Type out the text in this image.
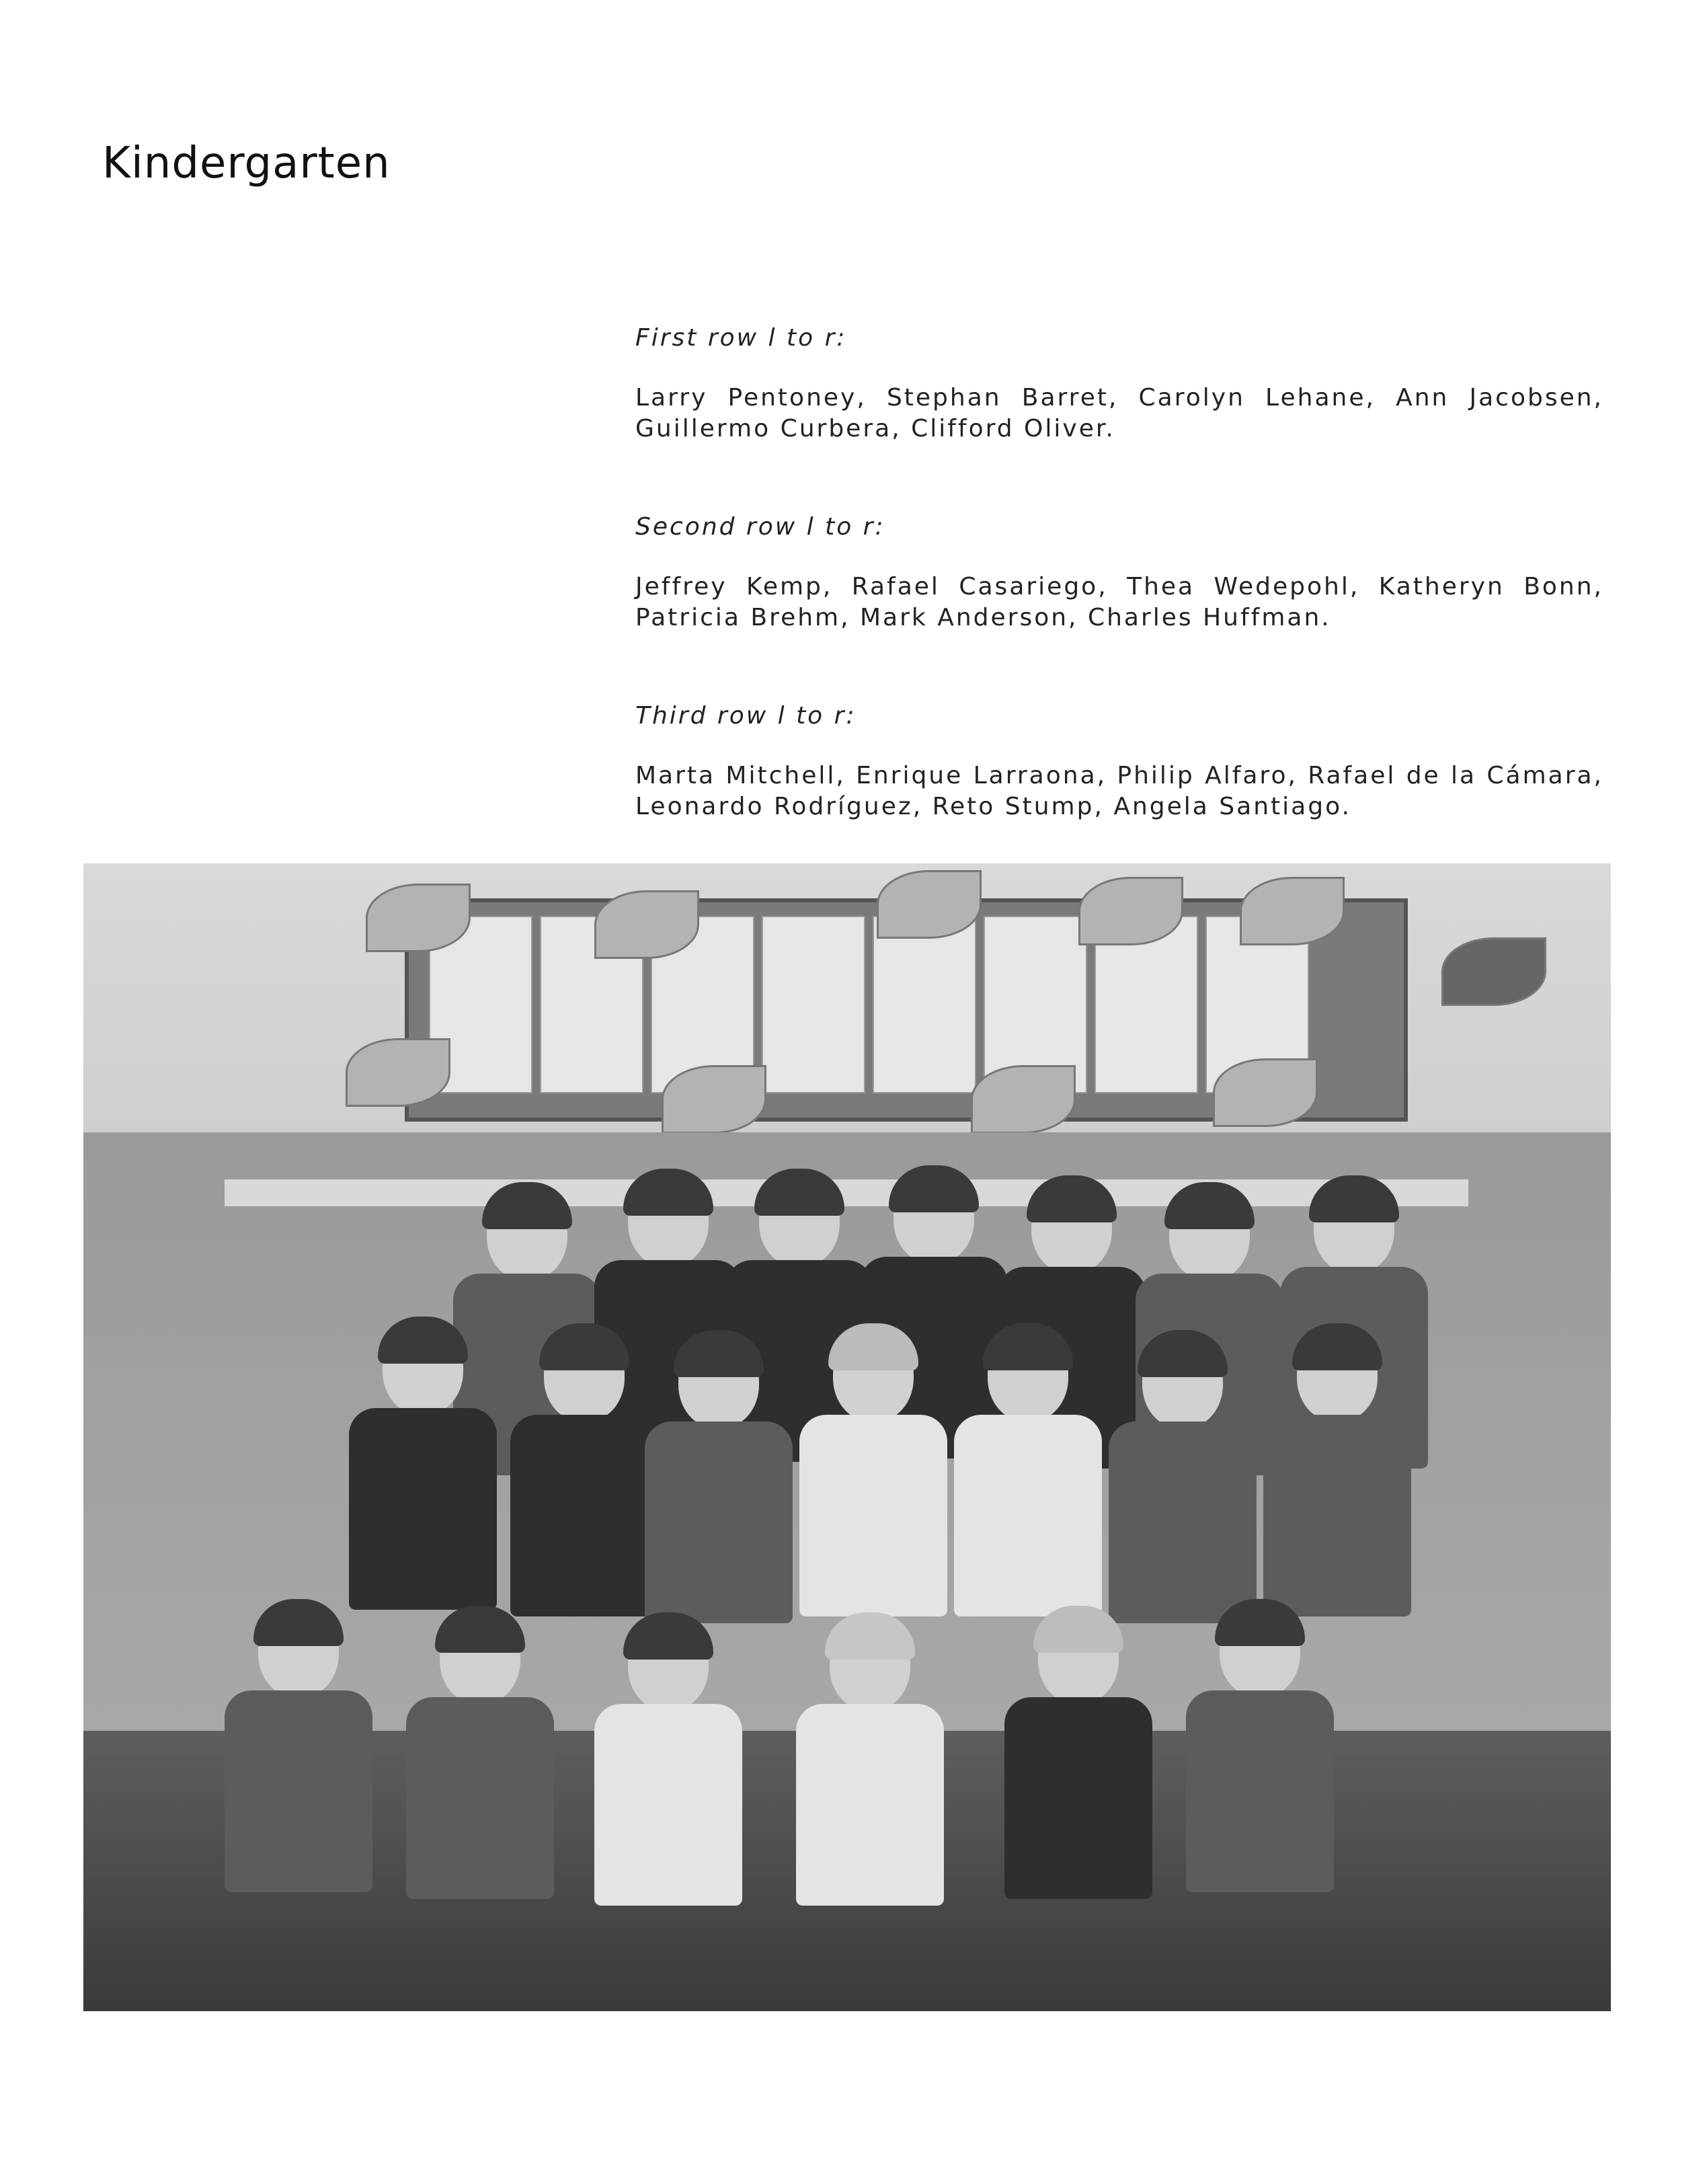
Kindergarten

First row l to r:

Larry Pentoney, Stephan Barret, Carolyn Lehane, Ann Jacobsen, Guillermo Curbera, Clifford Oliver.

Second row l to r:

Jeffrey Kemp, Rafael Casariego, Thea Wedepohl, Katheryn Bonn, Patricia Brehm, Mark Anderson, Charles Huffman.

Third row l to r:

Marta Mitchell, Enrique Larraona, Philip Alfaro, Rafael de la Cámara, Leonardo Rodríguez, Reto Stump, Angela Santiago.
